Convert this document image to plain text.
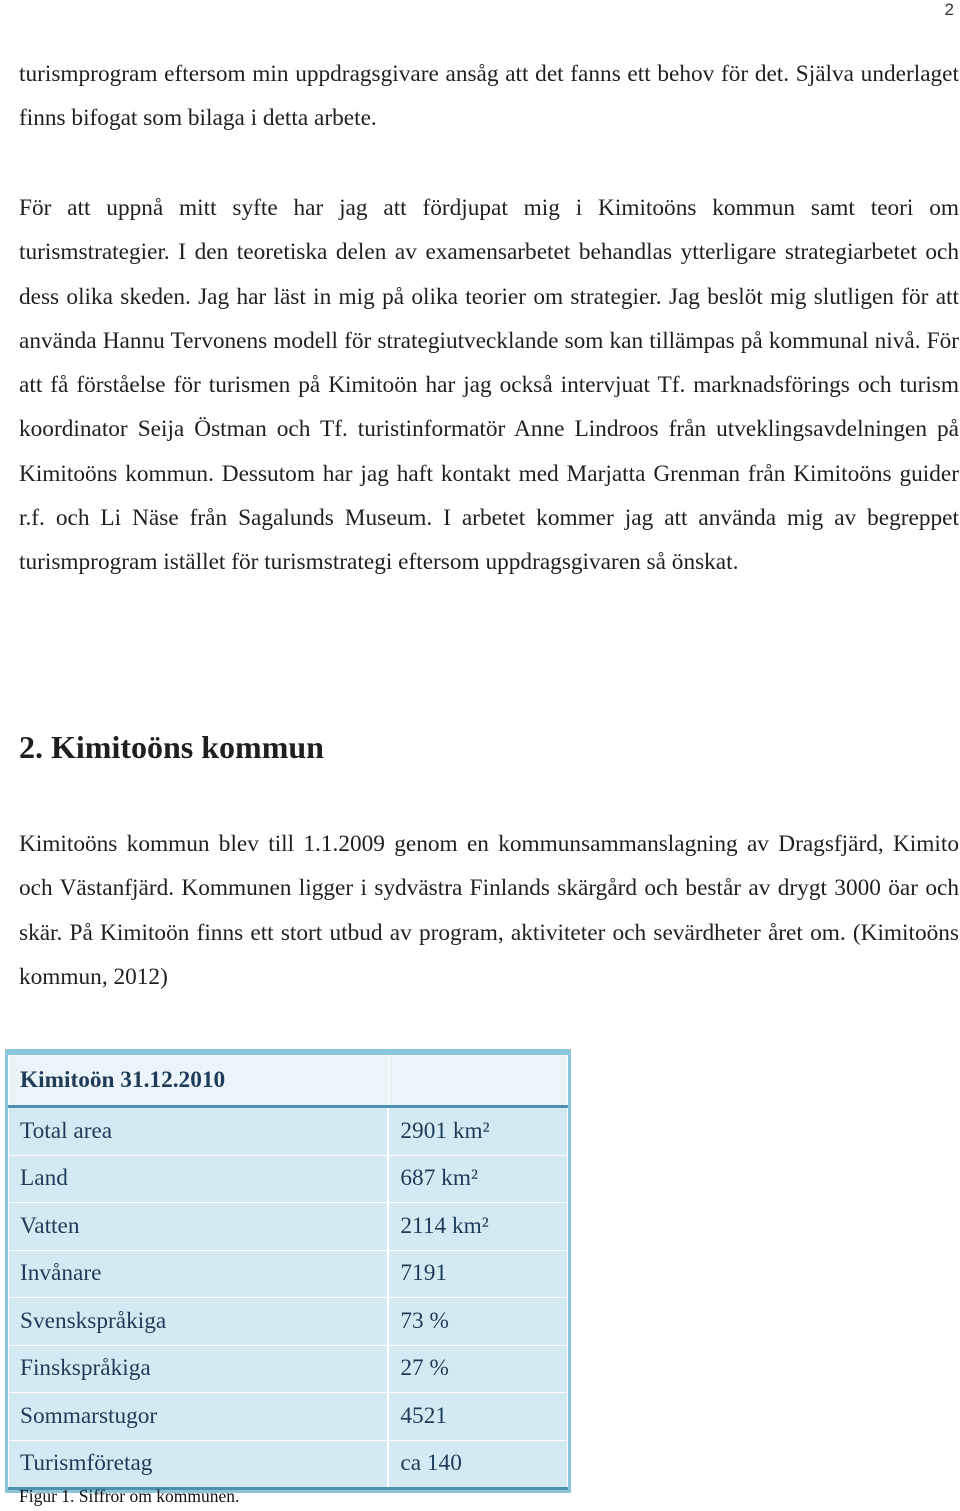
2

turismprogram eftersom min uppdragsgivare ansåg att det fanns ett behov för det. Själva underlaget finns bifogat som bilaga i detta arbete.

För att uppnå mitt syfte har jag att fördjupat mig i Kimitoöns kommun samt teori om turismstrategier. I den teoretiska delen av examensarbetet behandlas ytterligare strategiarbetet och dess olika skeden. Jag har läst in mig på olika teorier om strategier. Jag beslöt mig slutligen för att använda Hannu Tervonens modell för strategiutvecklande som kan tillämpas på kommunal nivå. För att få förståelse för turismen på Kimitoön har jag också intervjuat Tf. marknadsförings och turism koordinator Seija Östman och Tf. turistinformatör Anne Lindroos från utveklingsavdelningen på Kimitoöns kommun. Dessutom har jag haft kontakt med Marjatta Grenman från Kimitoöns guider r.f. och Li Näse från Sagalunds Museum. I arbetet kommer jag att använda mig av begreppet turismprogram istället för turismstrategi eftersom uppdragsgivaren så önskat.

2. Kimitoöns kommun

Kimitoöns kommun blev till 1.1.2009 genom en kommunsammanslagning av Dragsfjärd, Kimito och Västanfjärd. Kommunen ligger i sydvästra Finlands skärgård och består av drygt 3000 öar och skär. På Kimitoön finns ett stort utbud av program, aktiviteter och sevärdheter året om. (Kimitoöns kommun, 2012)

Kimitoön 31.12.2010	
Total area	2901 km²
Land	687 km²
Vatten	2114 km²
Invånare	7191
Svenskspråkiga	73 %
Finskspråkiga	27 %
Sommarstugor	4521
Turismföretag	ca 140
Figur 1. Siffror om kommunen.
